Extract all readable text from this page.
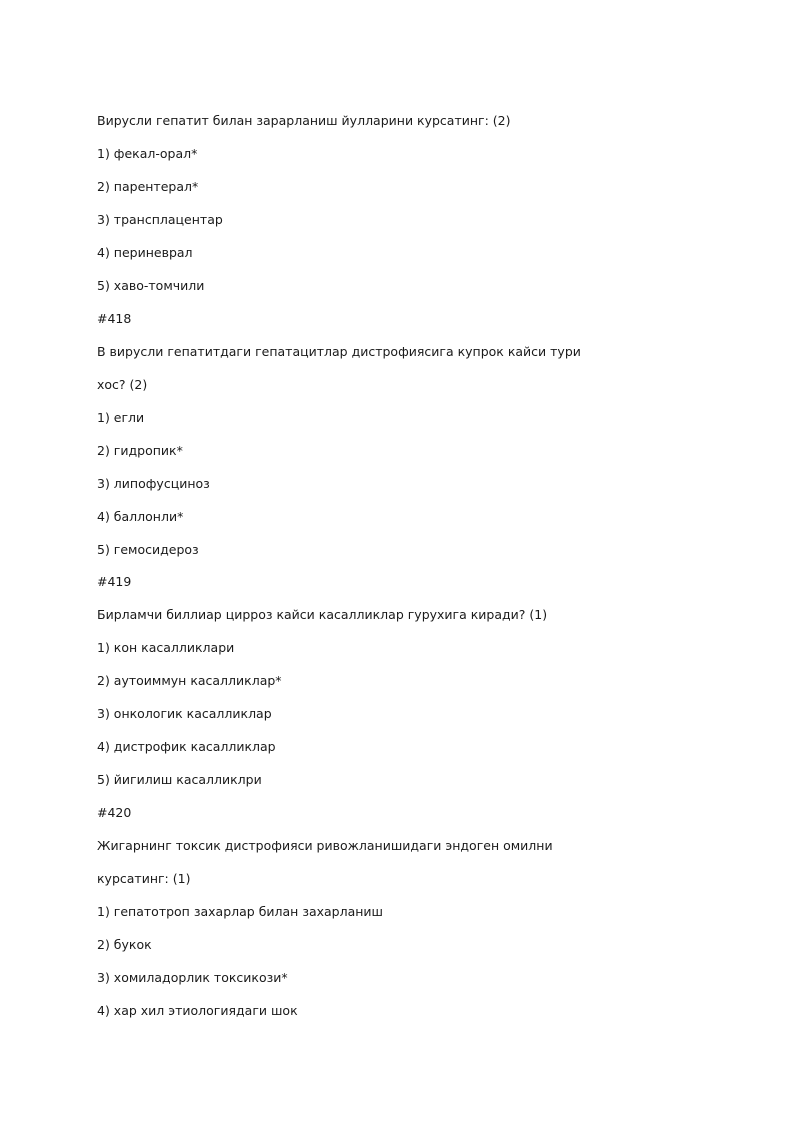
Вирусли гепатит билан зарарланиш йулларини курсатинг: (2)
1) фекал-орал*
2) парентерал*
3) трансплацентар
4) периневрал
5) хаво-томчили
#418
В вирусли гепатитдаги гепатацитлар дистрофиясига купрок кайси тури
хос? (2)
1) егли
2) гидропик*
3) липофусциноз
4) баллонли*
5) гемосидероз
#419
Бирламчи биллиар цирроз кайси касалликлар гурухига киради? (1)
1) кон касалликлари
2) аутоиммун касалликлар*
3) онкологик касалликлар
4) дистрофик касалликлар
5) йигилиш касалликлри
#420
Жигарнинг токсик дистрофияси ривожланишидаги эндоген омилни
курсатинг: (1)
1) гепатотроп захарлар билан захарланиш
2) букок
3) хомиладорлик токсикози*
4) хар хил этиологиядаги шок
